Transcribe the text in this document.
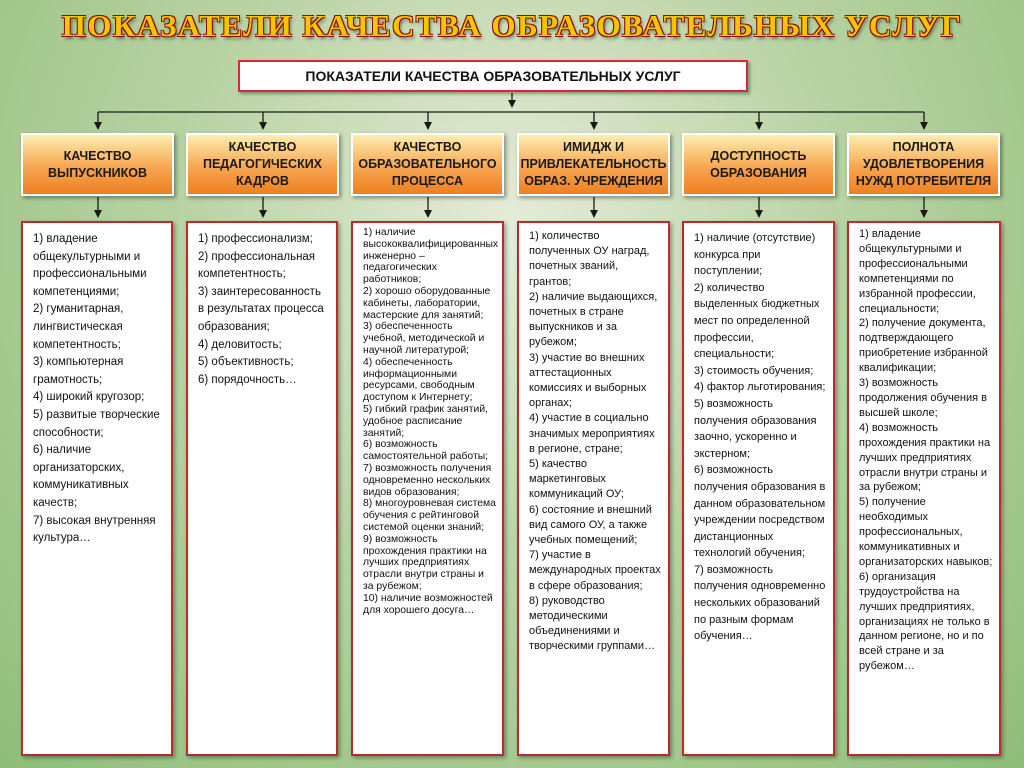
ПОКАЗАТЕЛИ КАЧЕСТВА ОБРАЗОВАТЕЛЬНЫХ УСЛУГ
ПОКАЗАТЕЛИ КАЧЕСТВА ОБРАЗОВАТЕЛЬНЫХ УСЛУГ
КАЧЕСТВО
ВЫПУСКНИКОВ
КАЧЕСТВО
ПЕДАГОГИЧЕСКИХ
КАДРОВ
КАЧЕСТВО
ОБРАЗОВАТЕЛЬНОГО
ПРОЦЕССА
ИМИДЖ И
ПРИВЛЕКАТЕЛЬНОСТЬ
ОБРАЗ. УЧРЕЖДЕНИЯ
ДОСТУПНОСТЬ
ОБРАЗОВАНИЯ
ПОЛНОТА
УДОВЛЕТВОРЕНИЯ
НУЖД ПОТРЕБИТЕЛЯ
1) владение общекультурными и профессиональными компетенциями;
2) гуманитарная, лингвистическая компетентность;
3) компьютерная грамотность;
4) широкий кругозор;
5) развитые творческие способности;
6) наличие организаторских, коммуникативных качеств;
7) высокая внутренняя культура…
1) профессионализм;
2) профессиональная компетентность;
3) заинтересованность в результатах процесса образования;
4) деловитость;
5) объективность;
6) порядочность…
1) наличие высококвалифицированных инженерно – педагогических работников;
2) хорошо оборудованные кабинеты, лаборатории, мастерские для занятий;
3) обеспеченность учебной, методической и научной литературой;
4) обеспеченность информационными ресурсами, свободным доступом к Интернету;
5) гибкий график занятий, удобное расписание занятий;
6) возможность самостоятельной работы;
7) возможность получения одновременно нескольких видов образования;
8) многоуровневая система обучения с рейтинговой системой оценки знаний;
9) возможность прохождения практики на лучших предприятиях отрасли внутри страны и за рубежом;
10) наличие возможностей для хорошего досуга…
1) количество полученных ОУ наград, почетных званий, грантов;
2) наличие выдающихся, почетных в стране выпускников и за рубежом;
3) участие во внешних аттестационных комиссиях и выборных органах;
4) участие в социально значимых мероприятиях в регионе, стране;
5) качество маркетинговых коммуникаций ОУ;
6) состояние и внешний вид самого ОУ, а также учебных помещений;
7) участие в международных проектах в сфере образования;
8) руководство методическими объединениями и творческими группами…
1) наличие (отсутствие) конкурса при поступлении;
2) количество выделенных бюджетных мест по определенной профессии, специальности;
3) стоимость обучения;
4) фактор льготирования;
5) возможность получения образования заочно, ускоренно и экстерном;
6) возможность получения образования в данном образовательном учреждении посредством дистанционных технологий обучения;
7) возможность получения одновременно нескольких образований по разным формам обучения…
1) владение общекультурными и профессиональными компетенциями по избранной профессии, специальности;
2) получение документа, подтверждающего приобретение избранной квалификации;
3) возможность продолжения обучения в высшей школе;
4) возможность прохождения практики на лучших предприятиях отрасли внутри страны и за рубежом;
5) получение необходимых профессиональных, коммуникативных и организаторских навыков;
6) организация трудоустройства на лучших предприятиях, организациях не только в данном регионе, но и по всей стране и за рубежом…
